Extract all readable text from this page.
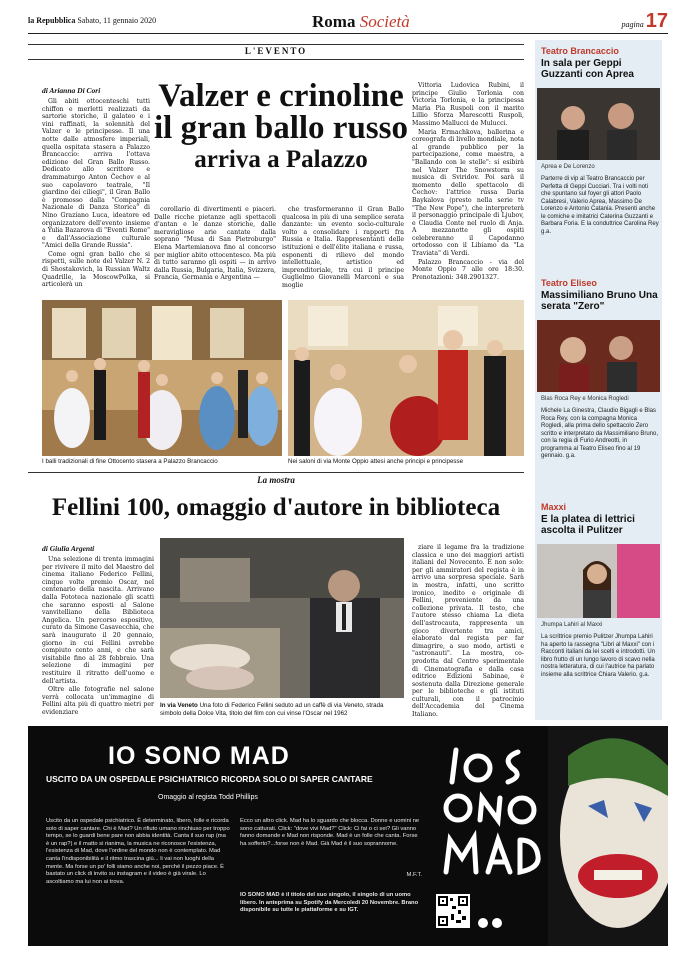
la Repubblica Sabato, 11 gennaio 2020	Roma Società	pagina 17
L'EVENTO
di Arianna Di Cori Valzer e crinoline
il gran ballo russo
arriva a Palazzo

Gli abiti ottocenteschi tutti chiffon e merletti realizzati da sartorie storiche, il galateo e i vini raffinati, la solennità del Valzer e le principesse. Il una notte dalle atmosfere imperiali, quella ospitata stasera a Palazzo Brancaccio: arriva l'ottava edizione del Gran Ballo Russo. Dedicato allo scrittore e drammaturgo Anton Čechov e al suo capolavoro teatrale, "Il giardino dei ciliegi", il Gran Ballo è promosso dalla "Compagnia Nazionale di Danza Storica" di Nino Graziano Luca, ideatore ed organizzatore dell'evento insieme a Yulia Bazarova di "Eventi Rome" e dall'Associazione culturale "Amici della Grande Russia".

Come ogni gran ballo che si rispetti, sulle note del Valzer N. 2 di Shostakovich, la Russian Waltz Quadrille, la MoscowPolka, si articolerà un

corollario di divertimenti e piaceri. Dalle ricche pietanze agli spettacoli d'antan e le danze storiche, dalle meravigliose arie cantate dalla soprano "Musa di San Pietroburgo" Elena Martemianova fino al concorso per miglior abito ottocentesco. Ma più di tutto saranno gli ospiti — in arrivo dalla Russia, Bulgaria, Italia, Svizzera, Francia, Germania e Argentina —

che trasformeranno il Gran Ballo qualcosa in più di una semplice serata danzante: un evento socio-culturale volto a consolidare i rapporti fra Russia e Italia. Rappresentanti delle istituzioni e dell'élite italiana e russa, esponenti di rilievo del mondo intellettuale, artistico ed imprenditoriale, tra cui il principe Guglielmo Giovanelli Marconi e sua moglie

Vittoria Ludovica Rubini, il principe Giulio Torlonia con Victoria Torlonia, e la principessa Maria Pia Ruspoli con il marito Lillio Sforza Marescotti Ruspoli, Massimo Mallucci de Mulucci.

Maria Ermachkova, ballerina e coreografa di livello mondiale, nota al grande pubblico per la partecipazione, come maestra, a "Ballando con le stelle": si esibirà nel Valzer The Snowstorm su musica di Sviridov. Poi sarà il momento dello spettacolo di Čechov: l'attrice russa Daria Baykalova (presto nella serie tv "The New Pope"), che interpreterà il personaggio principale di Ljubov, e Claudia Conte nel ruolo di Anja. A mezzanotte gli ospiti celebreranno il Capodanno ortodosso con il Libiamo da "La Traviata" di Verdi.

Palazzo Brancaccio - via del Monte Oppio 7 alle ore 18:30. Prenotazioni: 348.2901327.

I balli tradizionali di fine Ottocento stasera a Palazzo Brancaccio	Nei saloni di via Monte Oppio attesi anche principi e principesse
La mostra
Fellini 100, omaggio d'autore in biblioteca
di Giulia Argenti

Una selezione di trenta immagini per rivivere il mito del Maestro del cinema italiano Federico Fellini, cinque volte premio Oscar, nel centenario della nascita. Arrivano dalla Fototeca nazionale gli scatti che saranno esposti al Salone vanvitelliano della Biblioteca Angelica. Un percorso espositivo, curato da Simone Casavecchia, che sarà inaugurato il 20 gennaio, giorno in cui Fellini avrebbe compiuto cento anni, e che sarà visitabile fino al 28 febbraio. Una selezione di immagini per restituire il ritratto dell'uomo e dell'artista.

Oltre alle fotografie nel salone verrà collocata un'immagine di Fellini alta più di quattro metri per evidenziare

In via Veneto Una foto di Federico Fellini seduto ad un caffè di via Veneto, strada simbolo della Dolce Vita, titolo del film con cui vinse l'Oscar nel 1962

ziare il legame fra la tradizione classica e uno dei maggiori artisti italiani del Novecento. E non solo: per gli ammiratori del regista è in arrivo una sorpresa speciale. Sarà in mostra, infatti, uno scritto ironico, inedito e originale di Fellini, proveniente da una collezione privata. Il testo, che l'autore stesso chiama La dieta dell'astrocauta, rappresenta un gioco divertente tra amici, elaborato dal regista per far dimagrire, a suo modo, artisti e "astronauti". La mostra, co-prodotta dal Centro sperimentale di Cinematografia e dalla casa editrice Edizioni Sabinae, è sostenuta dalla Direzione generale per le biblioteche e gli istituti culturali, con il patrocinio dell'Accademia del Cinema Italiano.

Teatro Brancaccio
In sala per Geppi Guzzanti con Aprea
Aprea e De Lorenzo
Parterre di vip al Teatro Brancaccio per Perfetta di Geppi Cucciari. Tra i volti noti che spuntano sul foyer gli attori Paolo Calabresi, Valerio Aprea, Massimo De Lorenzo e Antonio Catania. Presenti anche le comiche e imitatrici Caterina Guzzanti e Barbara Foria. E la conduttrice Carolina Rey g.a.
Teatro Eliseo
Massimiliano Bruno Una serata "Zero"
Blas Roca Rey e Monica Rogledi
Michele La Ginestra, Claudio Bigagli e Blas Roca Rey, con la compagna Monica Rogledi, alla prima dello spettacolo Zero scritto e interpretato da Massimiliano Bruno, con la regia di Furio Andreotti, in programma al Teatro Eliseo fino al 19 gennaio. g.a.
Maxxi
E la platea di lettrici ascolta il Pulitzer
Jhumpa Lahiri al Maxxi
La scrittrice premio Pulitzer Jhumpa Lahiri ha aperto la rassegna "Libri al Maxxi" con i Racconti italiani da lei scelti e introdotti. Un libro frutto di un lungo lavoro di scavo nella nostra letteratura, di cui l'autrice ha parlato insieme alla scrittrice Chiara Valerio. g.a.
IO SONO MAD
USCITO DA UN OSPEDALE PSICHIATRICO RICORDA SOLO DI SAPER CANTARE
Omaggio al regista Todd Phillips
Uscito da un ospedale psichiatrico. È determinato, libero, folle e ricorda solo di saper cantare. Chi è Mad? Un rifiuto umano rinchiuso per troppo tempo, se lo guardi bene pare non abbia identità. Canta il suo rap (ma è un rap?) e il matto si rianima, la musica ne riconosce l'esistenza, l'esistenza di Mad, dove l'ordine del mondo non è contemplato. Mad canta l'indisponibilità e il ritmo trascina giù... li vai non luoghi della mente. Ma forse un po' folli siamo anche noi, perché il pezzo piace. È bastato un click di invito su instagram e il video è già virale. Lo ascoltiamo ma lui non ai trova.
Ecco un altro click. Mad ha lo sguardo che blocca. Donne e uomini ne sono catturati. Click: "dove vivi Mad?" Click: Ci fai o ci sei? Gli vanno fanno domande e Mad non risponde. Mad è un folle che canta. Forse ha sofferto?...forse non è Mad. Già Mad è il suo soprannome.
M.F.T.
IO SONO MAD è il titolo del suo singolo, il singolo di un uomo libero. In anteprima su Spotify da Mercoledì 20 Novembre. Brano disponibile su tutte le piattaforme e su IGT.
